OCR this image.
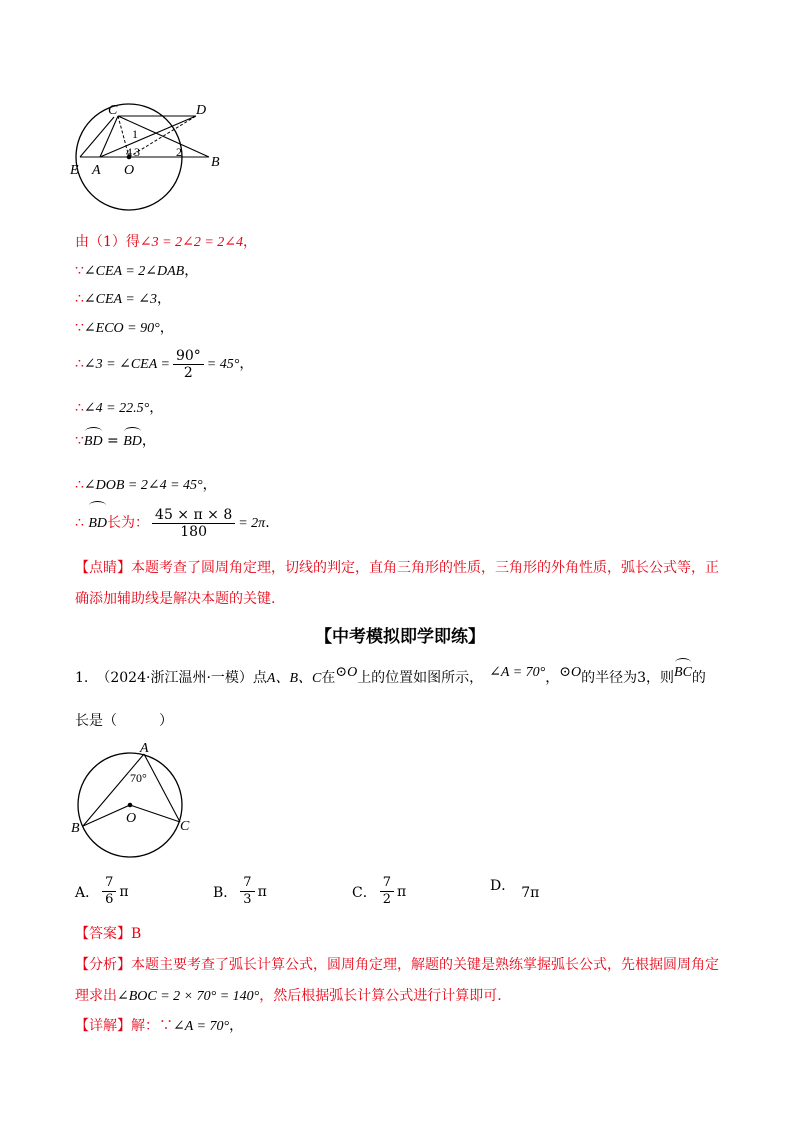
C	D
E A O
B
1
4 3	2
由（1）得∠3 = 2∠2 = 2∠4，
∵∠CEA = 2∠DAB，
∴∠CEA = ∠3，
∵∠ECO = 90°，
∴∠3 = ∠CEA = $\frac{90^\circ}{2} = 45^\circ$，
∴∠4 = 22.5°，
∵BD = BD，
∴∠DOB = 2∠4 = 45°，
∴ BD长为： $\frac{45 \times \pi \times 8}{180} = 2\pi$.
【点睛】本题考查了圆周角定理，切线的判定，直角三角形的性质，三角形的外角性质，弧长公式等，正
确添加辅助线是解决本题的关键.
【中考模拟即学即练】
1. （2024·浙江温州·一模）点A、B、C在⊙O上的位置如图所示， ∠A = 70°，⊙O的半径为3，则BC的
长是（　　　）
A
O
B	C
70°
A． $\frac{7}{6}$ π	B． $\frac{7}{3}$ π	C． $\frac{7}{2}$ π	D． 7π
【答案】B
【分析】本题主要考查了弧长计算公式，圆周角定理，解题的关键是熟练掌握弧长公式，先根据圆周角定
理求出∠BOC = 2 × 70° = 140°，然后根据弧长计算公式进行计算即可.
【详解】解：∵∠A = 70°，
